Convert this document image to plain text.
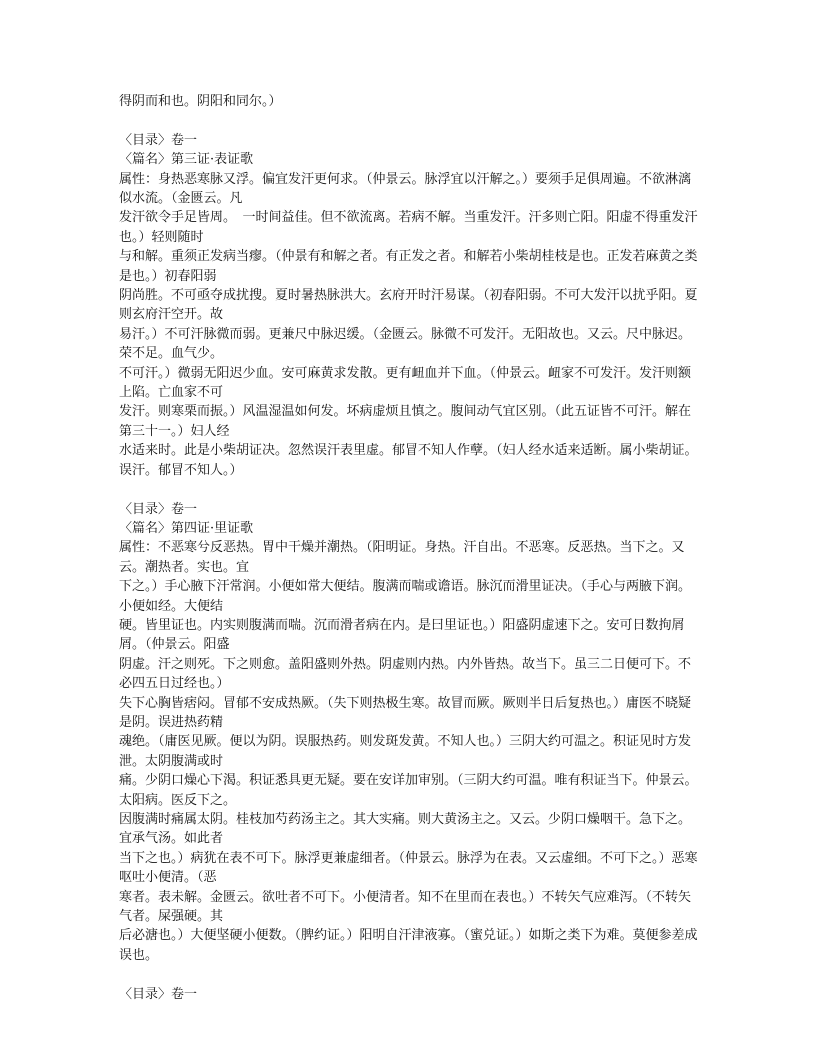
得阴而和也。阴阳和同尔。）
〈目录〉卷一
〈篇名〉第三证·表证歌
属性：身热恶寒脉又浮。偏宜发汗更何求。（仲景云。脉浮宜以汗解之。）要须手足俱周遍。不欲淋漓似水流。（金匮云。凡
发汗欲令手足皆周。　一时间益佳。但不欲流离。若病不解。当重发汗。汗多则亡阳。阳虚不得重发汗也。）轻则随时
与和解。重须正发病当瘳。（仲景有和解之者。有正发之者。和解若小柴胡桂枝是也。正发若麻黄之类是也。）初春阳弱
阴尚胜。不可亟夺成扰搜。夏时暑热脉洪大。玄府开时汗易谋。（初春阳弱。不可大发汗以扰乎阳。夏则玄府汗空开。故
易汗。）不可汗脉微而弱。更兼尺中脉迟缓。（金匮云。脉微不可发汗。无阳故也。又云。尺中脉迟。荣不足。血气少。
不可汗。）微弱无阳迟少血。安可麻黄求发散。更有衄血并下血。（仲景云。衄家不可发汗。发汗则额上陷。亡血家不可
发汗。则寒栗而振。）风温湿温如何发。坏病虚烦且慎之。腹间动气宜区别。（此五证皆不可汗。解在第三十一。）妇人经
水适来时。此是小柴胡证决。忽然误汗表里虚。郁冒不知人作孽。（妇人经水适来适断。属小柴胡证。误汗。郁冒不知人。）
〈目录〉卷一
〈篇名〉第四证·里证歌
属性：不恶寒兮反恶热。胃中干燥并潮热。（阳明证。身热。汗自出。不恶寒。反恶热。当下之。又云。潮热者。实也。宜
下之。）手心腋下汗常润。小便如常大便结。腹满而喘或谵语。脉沉而滑里证决。（手心与两腋下润。小便如经。大便结
硬。皆里证也。内实则腹满而喘。沉而滑者病在内。是曰里证也。）阳盛阴虚速下之。安可日数拘屑屑。（仲景云。阳盛
阴虚。汗之则死。下之则愈。盖阳盛则外热。阴虚则内热。内外皆热。故当下。虽三二日便可下。不必四五日过经也。）
失下心胸皆痞闷。冒郁不安成热厥。（失下则热极生寒。故冒而厥。厥则半日后复热也。）庸医不晓疑是阴。误进热药精
魂绝。（庸医见厥。便以为阴。误服热药。则发斑发黄。不知人也。）三阴大约可温之。积证见时方发泄。太阴腹满或时
痛。少阴口燥心下渴。积证悉具更无疑。要在安详加审别。（三阴大约可温。唯有积证当下。仲景云。太阳病。医反下之。
因腹满时痛属太阴。桂枝加芍药汤主之。其大实痛。则大黄汤主之。又云。少阴口燥咽干。急下之。宜承气汤。如此者
当下之也。）病犹在表不可下。脉浮更兼虚细者。（仲景云。脉浮为在表。又云虚细。不可下之。）恶寒呕吐小便清。（恶
寒者。表未解。金匮云。欲吐者不可下。小便清者。知不在里而在表也。）不转矢气应难泻。（不转矢气者。屎强硬。其
后必溏也。）大便坚硬小便数。（脾约证。）阳明自汗津液寡。（蜜兑证。）如斯之类下为难。莫便参差成误也。
〈目录〉卷一
